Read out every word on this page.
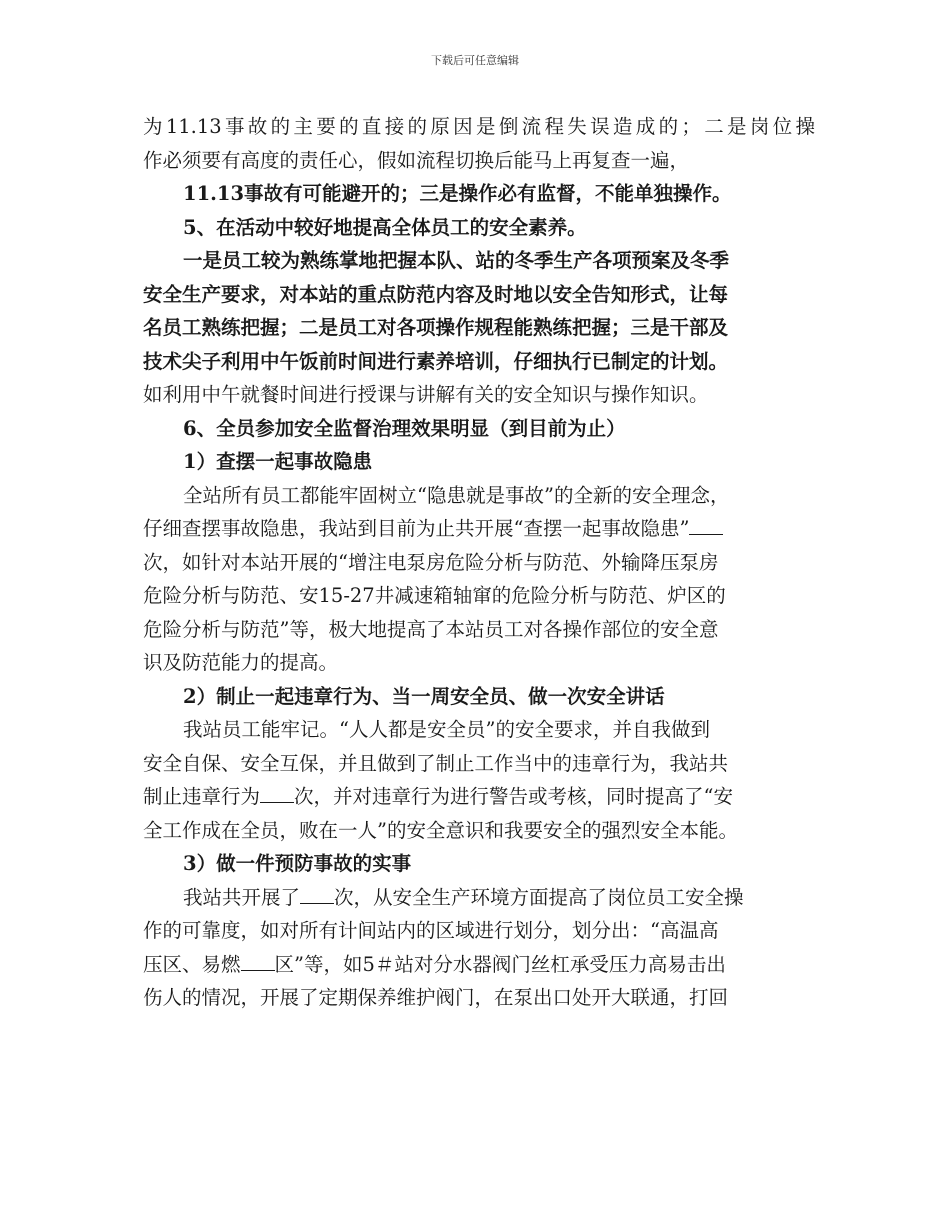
下载后可任意编辑
为11.13事故的主要的直接的原因是倒流程失误造成的；二是岗位操
作必须要有高度的责任心，假如流程切换后能马上再复查一遍，
11.13事故有可能避开的；三是操作必有监督，不能单独操作。
5、在活动中较好地提高全体员工的安全素养。
一是员工较为熟练掌地把握本队、站的冬季生产各项预案及冬季
安全生产要求，对本站的重点防范内容及时地以安全告知形式，让每
名员工熟练把握；二是员工对各项操作规程能熟练把握；三是干部及
技术尖子利用中午饭前时间进行素养培训，仔细执行已制定的计划。
如利用中午就餐时间进行授课与讲解有关的安全知识与操作知识。
6、全员参加安全监督治理效果明显（到目前为止）
1）查摆一起事故隐患
全站所有员工都能牢固树立“隐患就是事故”的全新的安全理念，
仔细查摆事故隐患，我站到目前为止共开展“查摆一起事故隐患”
次，如针对本站开展的“增注电泵房危险分析与防范、外输降压泵房
危险分析与防范、安15-27井减速箱轴窜的危险分析与防范、炉区的
危险分析与防范”等，极大地提高了本站员工对各操作部位的安全意
识及防范能力的提高。
2）制止一起违章行为、当一周安全员、做一次安全讲话
我站员工能牢记。“人人都是安全员”的安全要求，并自我做到
安全自保、安全互保，并且做到了制止工作当中的违章行为，我站共
制止违章行为 次，并对违章行为进行警告或考核，同时提高了“安
全工作成在全员，败在一人”的安全意识和我要安全的强烈安全本能。
3）做一件预防事故的实事
我站共开展了 次，从安全生产环境方面提高了岗位员工安全操
作的可靠度，如对所有计间站内的区域进行划分，划分出：“高温高
压区、易燃 区”等，如5＃站对分水器阀门丝杠承受压力高易击出
伤人的情况，开展了定期保养维护阀门，在泵出口处开大联通，打回
